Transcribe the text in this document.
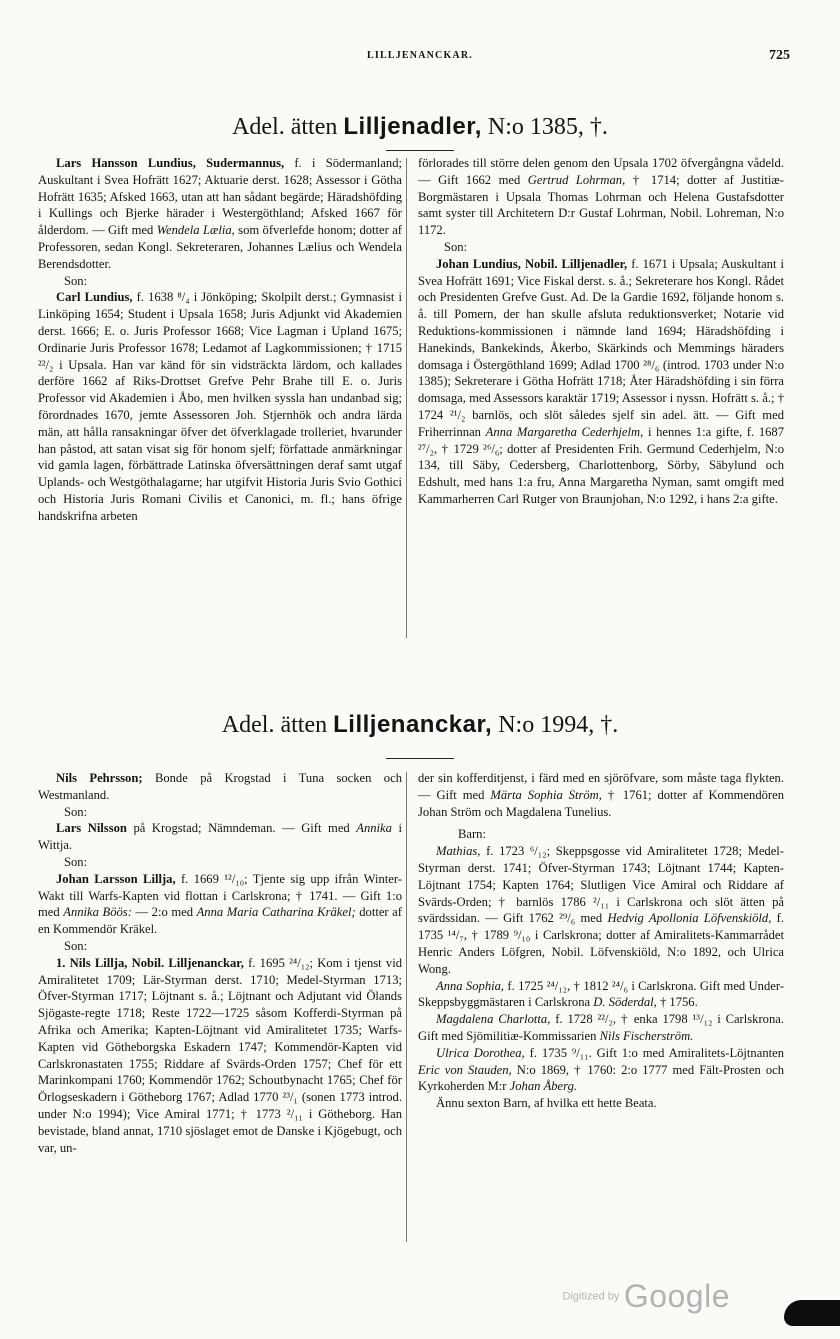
LILLJENANCKAR.	725
Adel. ätten Lilljenadler, N:o 1385, †.

Lars Hansson Lundius, Sudermannus, f. i Södermanland; Auskultant i Svea Hofrätt 1627; Aktuarie derst. 1628; Assessor i Götha Hofrätt 1635; Afsked 1663, utan att han sådant begärde; Häradshöfding i Kullings och Bjerke härader i Westergöthland; Afsked 1667 för ålderdom. — Gift med Wendela Lælia, som öfverlefde honom; dotter af Professoren, sedan Kongl. Sekreteraren, Johannes Lælius och Wendela Berendsdotter.

Son:

Carl Lundius, f. 1638 ⁸/₄ i Jönköping; Skolpilt derst.; Gymnasist i Linköping 1654; Student i Upsala 1658; Juris Adjunkt vid Akademien derst. 1666; E. o. Juris Professor 1668; Vice Lagman i Upland 1675; Ordinarie Juris Professor 1678; Ledamot af Lagkommissionen; † 1715 ²²/₂ i Upsala. Han var känd för sin vidsträckta lärdom, och kallades derföre 1662 af Riks-Drottset Grefve Pehr Brahe till E. o. Juris Professor vid Akademien i Åbo, men hvilken syssla han undanbad sig; förordnades 1670, jemte Assessoren Joh. Stjernhök och andra lärda män, att hålla ransakningar öfver det öfverklagade trolleriet, hvarunder han påstod, att satan visat sig för honom sjelf; författade anmärkningar vid gamla lagen, förbättrade Latinska öfversättningen deraf samt utgaf Uplands- och Westgöthalagarne; har utgifvit Historia Juris Svio Gothici och Historia Juris Romani Civilis et Canonici, m. fl.; hans öfrige handskrifna arbeten

förlorades till större delen genom den Upsala 1702 öfvergångna vådeld. — Gift 1662 med Gertrud Lohrman, † 1714; dotter af Justitiæ-Borgmästaren i Upsala Thomas Lohrman och Helena Gustafsdotter samt syster till Architetern D:r Gustaf Lohrman, Nobil. Lohreman, N:o 1172.

Son:

Johan Lundius, Nobil. Lilljenadler, f. 1671 i Upsala; Auskultant i Svea Hofrätt 1691; Vice Fiskal derst. s. å.; Sekreterare hos Kongl. Rådet och Presidenten Grefve Gust. Ad. De la Gardie 1692, följande honom s. å. till Pomern, der han skulle afsluta reduktionsverket; Notarie vid Reduktions-kommissionen i nämnde land 1694; Häradshöfding i Hanekinds, Bankekinds, Åkerbo, Skärkinds och Memmings häraders domsaga i Östergöthland 1699; Adlad 1700 ²⁸/₆ (introd. 1703 under N:o 1385); Sekreterare i Götha Hofrätt 1718; Åter Häradshöfding i sin förra domsaga, med Assessors karaktär 1719; Assessor i nyssn. Hofrätt s. å.; † 1724 ²¹/₂ barnlös, och slöt således sjelf sin adel. ätt. — Gift med Friherrinnan Anna Margaretha Cederhjelm, i hennes 1:a gifte, f. 1687 ²⁷/₂, † 1729 ²⁶/₆; dotter af Presidenten Frih. Germund Cederhjelm, N:o 134, till Säby, Cedersberg, Charlottenborg, Sörby, Säbylund och Edshult, med hans 1:a fru, Anna Margaretha Nyman, samt omgift med Kammarherren Carl Rutger von Braunjohan, N:o 1292, i hans 2:a gifte.

Adel. ätten Lilljenanckar, N:o 1994, †.

Nils Pehrsson; Bonde på Krogstad i Tuna socken och Westmanland.

Son:

Lars Nilsson på Krogstad; Nämndeman. — Gift med Annika i Wittja.

Son:

Johan Larsson Lillja, f. 1669 ¹²/₁₀; Tjente sig upp ifrån Winter-Wakt till Warfs-Kapten vid flottan i Carlskrona; † 1741. — Gift 1:o med Annika Böös: — 2:o med Anna Maria Catharina Kräkel; dotter af en Kommendör Kräkel.

Son:

1. Nils Lillja, Nobil. Lilljenanckar, f. 1695 ²⁴/₁₂; Kom i tjenst vid Amiralitetet 1709; Lär-Styrman derst. 1710; Medel-Styrman 1713; Öfver-Styrman 1717; Löjtnant s. å.; Löjtnant och Adjutant vid Ölands Sjögaste-regte 1718; Reste 1722—1725 såsom Kofferdi-Styrman på Afrika och Amerika; Kapten-Löjtnant vid Amiralitetet 1735; Warfs-Kapten vid Götheborgska Eskadern 1747; Kommendör-Kapten vid Carlskronastaten 1755; Riddare af Svärds-Orden 1757; Chef för ett Marinkompani 1760; Kommendör 1762; Schoutbynacht 1765; Chef för Örlogseskadern i Götheborg 1767; Adlad 1770 ²³/₁ (sonen 1773 introd. under N:o 1994); Vice Amiral 1771; † 1773 ²/₁₁ i Götheborg. Han bevistade, bland annat, 1710 sjöslaget emot de Danske i Kjögebugt, och var, un-

der sin kofferditjenst, i färd med en sjöröfvare, som måste taga flykten. — Gift med Märta Sophia Ström, † 1761; dotter af Kommendören Johan Ström och Magdalena Tunelius.

Barn:

Mathias, f. 1723 ⁶/₁₂; Skeppsgosse vid Amiralitetet 1728; Medel-Styrman derst. 1741; Öfver-Styrman 1743; Löjtnant 1744; Kapten-Löjtnant 1754; Kapten 1764; Slutligen Vice Amiral och Riddare af Svärds-Orden; † barnlös 1786 ²/₁₁ i Carlskrona och slöt ätten på svärdssidan. — Gift 1762 ²⁹/₆ med Hedvig Apollonia Löfvenskiöld, f. 1735 ¹⁴/₇, † 1789 ⁹/₁₀ i Carlskrona; dotter af Amiralitets-Kammarrådet Henric Anders Löfgren, Nobil. Löfvenskiöld, N:o 1892, och Ulrica Wong.

Anna Sophia, f. 1725 ²⁴/₁₂, † 1812 ²⁴/₆ i Carlskrona. Gift med Under-Skeppsbyggmästaren i Carlskrona D. Söderdal, † 1756.

Magdalena Charlotta, f. 1728 ²²/₂, † enka 1798 ¹³/₁₂ i Carlskrona. Gift med Sjömilitiæ-Kommissarien Nils Fischerström.

Ulrica Dorothea, f. 1735 ⁹/₁₁. Gift 1:o med Amiralitets-Löjtnanten Eric von Stauden, N:o 1869, † 1760: 2:o 1777 med Fält-Prosten och Kyrkoherden M:r Johan Åberg.

Ännu sexton Barn, af hvilka ett hette Beata.

Digitized by Google
